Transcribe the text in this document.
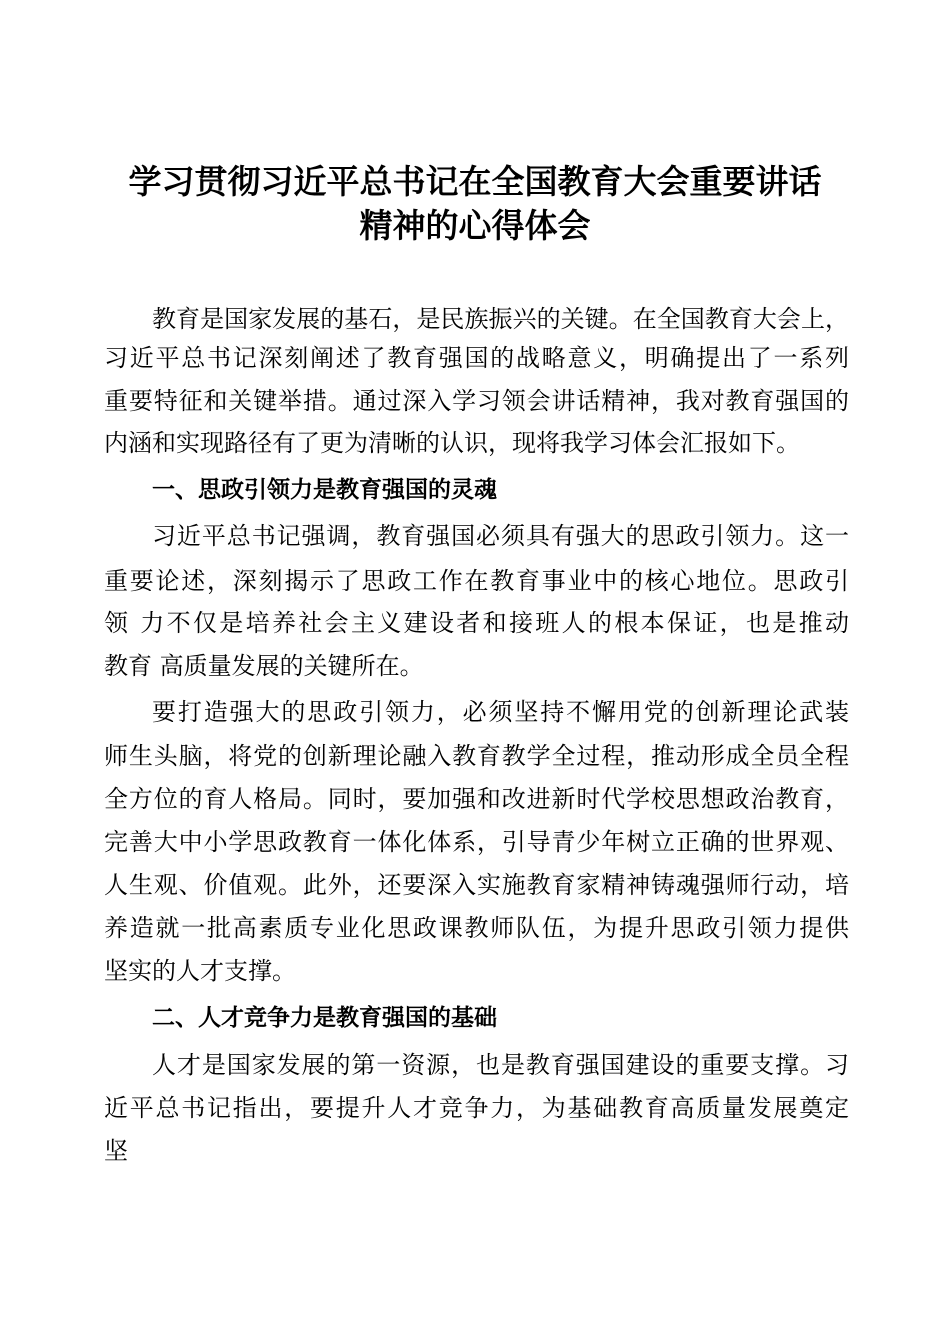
学习贯彻习近平总书记在全国教育大会重要讲话
精神的心得体会
教育是国家发展的基石，是民族振兴的关键。在全国教育大会上，
习近平总书记深刻阐述了教育强国的战略意义，明确提出了一系列
重要特征和关键举措。通过深入学习领会讲话精神，我对教育强国的
内涵和实现路径有了更为清晰的认识，现将我学习体会汇报如下。
一、思政引领力是教育强国的灵魂
习近平总书记强调，教育强国必须具有强大的思政引领力。这一
重要论述，深刻揭示了思政工作在教育事业中的核心地位。思政引
领 力不仅是培养社会主义建设者和接班人的根本保证，也是推动
教育 高质量发展的关键所在。
要打造强大的思政引领力，必须坚持不懈用党的创新理论武装
师生头脑，将党的创新理论融入教育教学全过程，推动形成全员全程
全方位的育人格局。同时，要加强和改进新时代学校思想政治教育，
完善大中小学思政教育一体化体系，引导青少年树立正确的世界观、
人生观、价值观。此外，还要深入实施教育家精神铸魂强师行动，培
养造就一批高素质专业化思政课教师队伍，为提升思政引领力提供
坚实的人才支撑。
二、人才竞争力是教育强国的基础
人才是国家发展的第一资源，也是教育强国建设的重要支撑。习
近平总书记指出，要提升人才竞争力，为基础教育高质量发展奠定
坚
